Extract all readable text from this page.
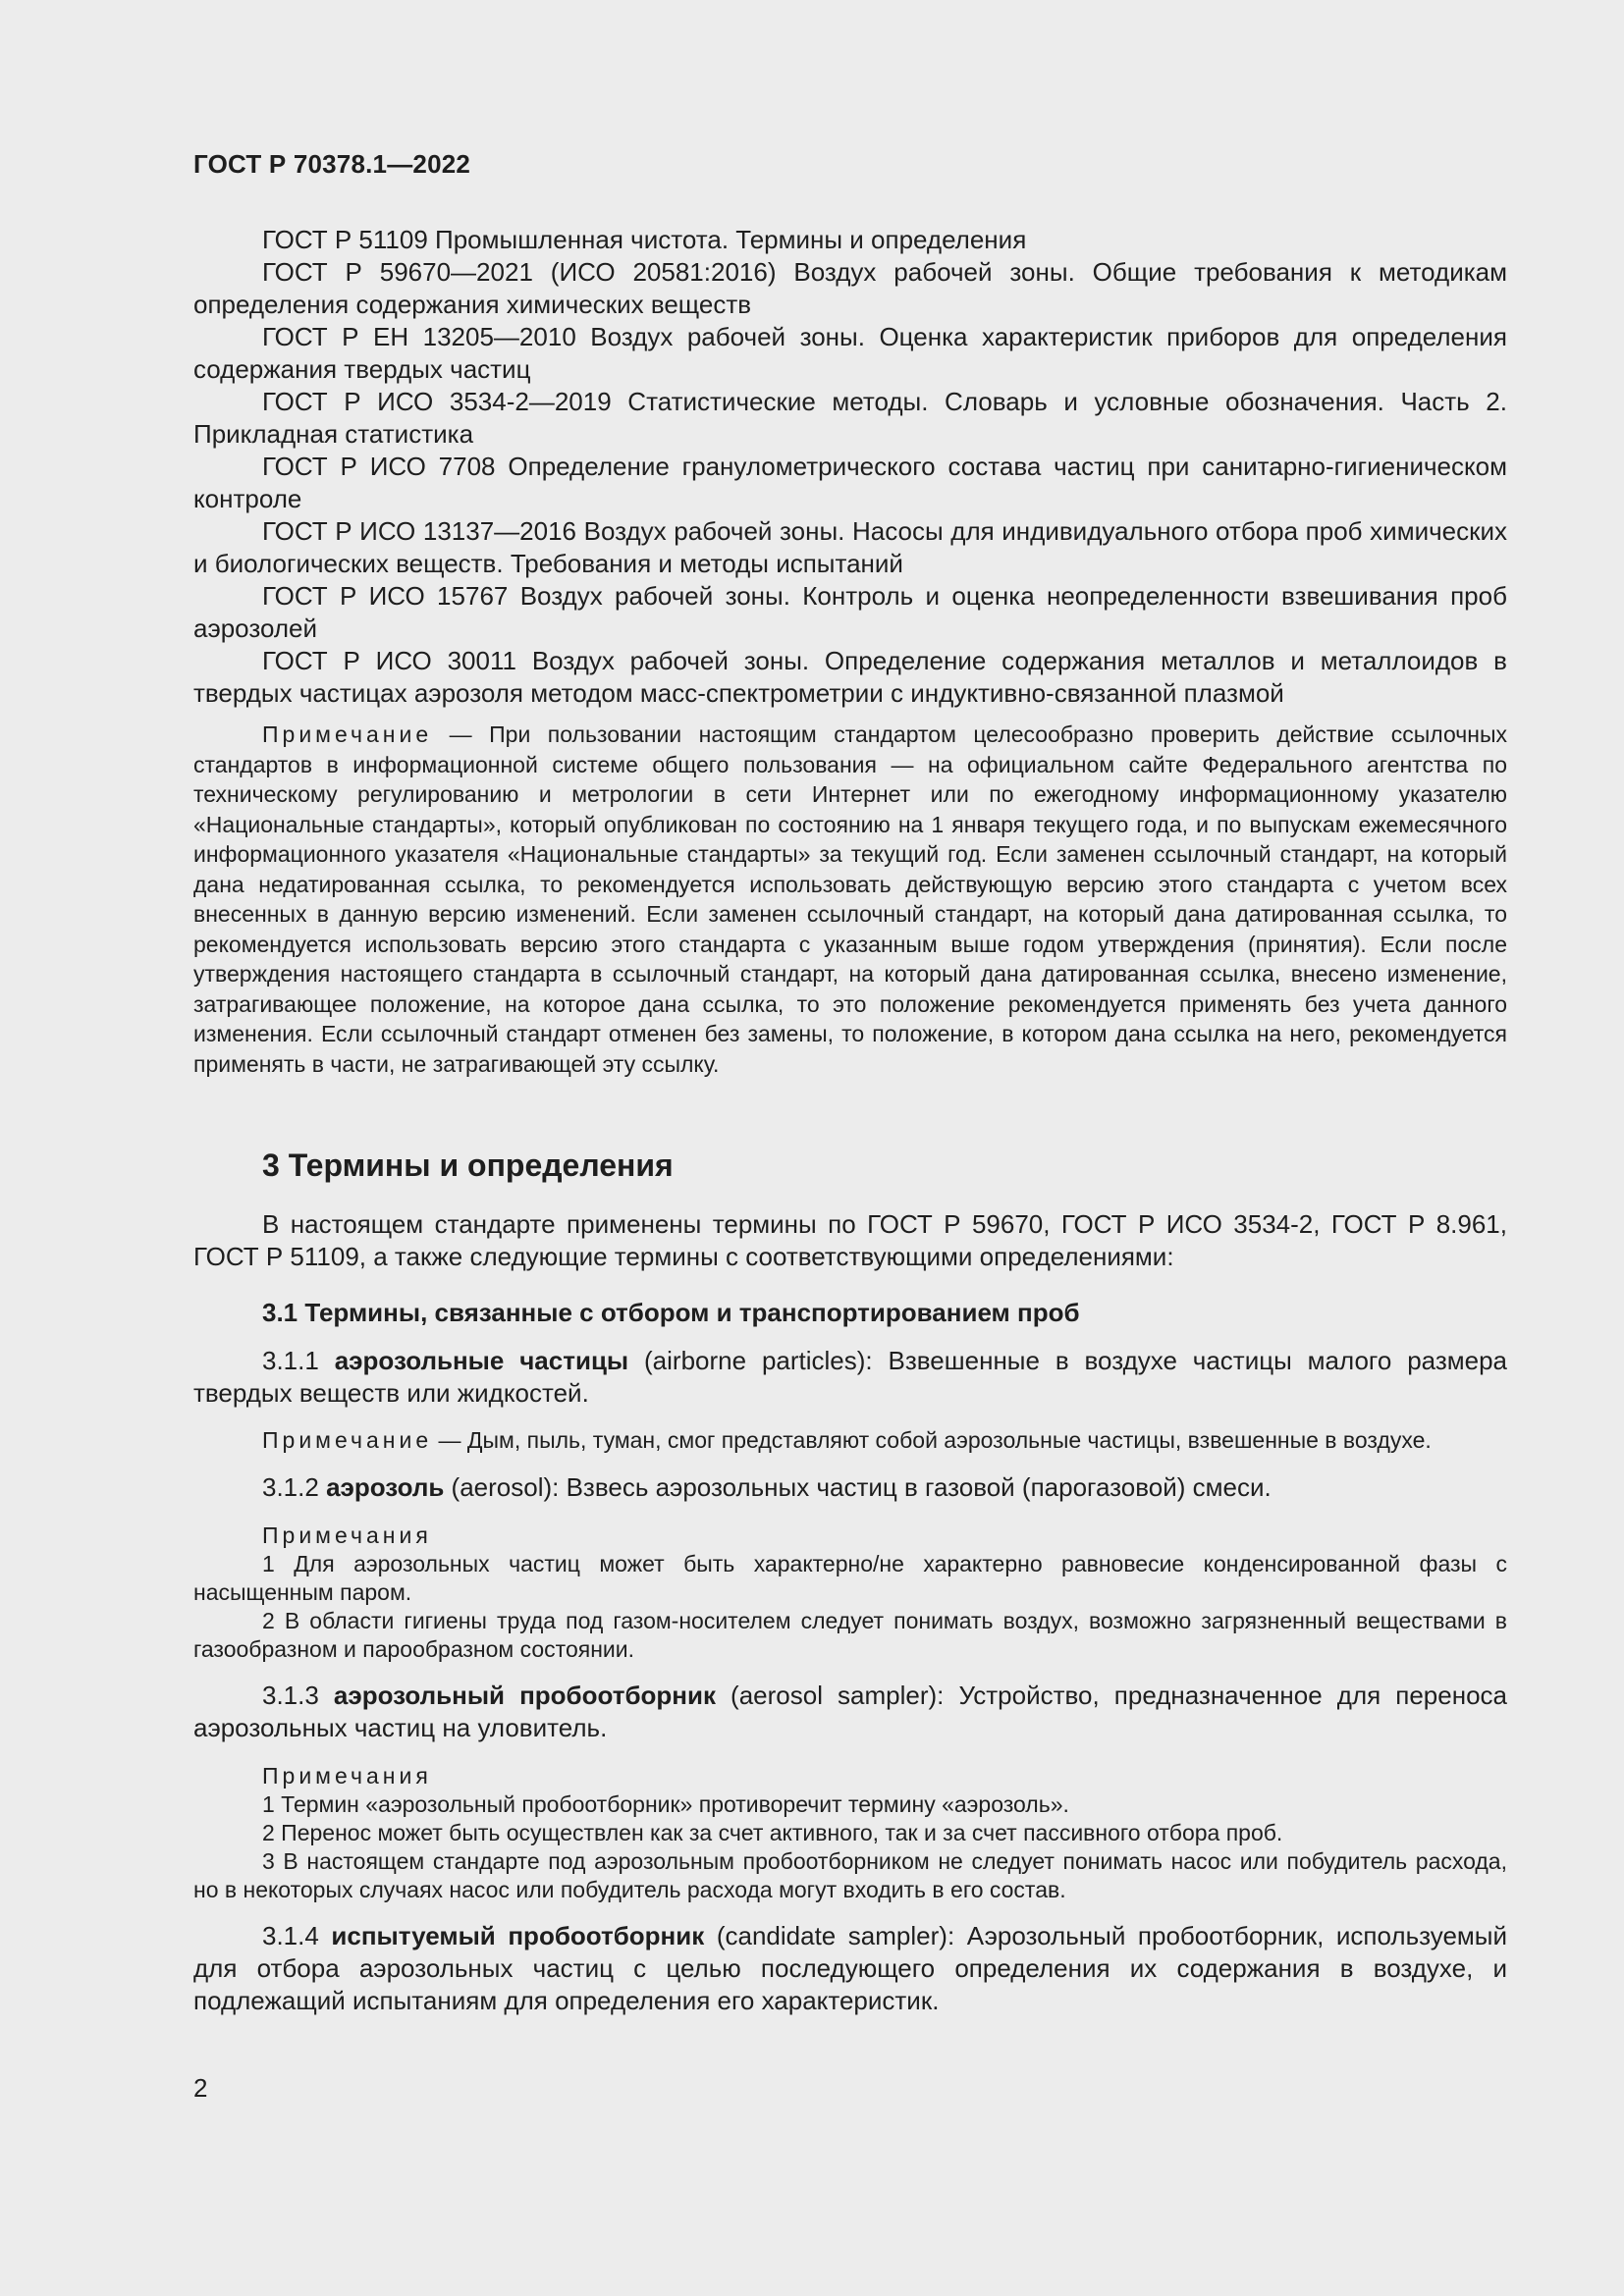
ГОСТ Р 70378.1—2022

ГОСТ Р 51109 Промышленная чистота. Термины и определения

ГОСТ Р 59670—2021 (ИСО 20581:2016) Воздух рабочей зоны. Общие требования к методикам определения содержания химических веществ

ГОСТ Р ЕН 13205—2010 Воздух рабочей зоны. Оценка характеристик приборов для определения содержания твердых частиц

ГОСТ Р ИСО 3534-2—2019 Статистические методы. Словарь и условные обозначения. Часть 2. Прикладная статистика

ГОСТ Р ИСО 7708 Определение гранулометрического состава частиц при санитарно-гигиеническом контроле

ГОСТ Р ИСО 13137—2016 Воздух рабочей зоны. Насосы для индивидуального отбора проб химических и биологических веществ. Требования и методы испытаний

ГОСТ Р ИСО 15767 Воздух рабочей зоны. Контроль и оценка неопределенности взвешивания проб аэрозолей

ГОСТ Р ИСО 30011 Воздух рабочей зоны. Определение содержания металлов и металлоидов в твердых частицах аэрозоля методом масс-спектрометрии с индуктивно-связанной плазмой

Примечание — При пользовании настоящим стандартом целесообразно проверить действие ссылочных стандартов в информационной системе общего пользования — на официальном сайте Федерального агентства по техническому регулированию и метрологии в сети Интернет или по ежегодному информационному указателю «Национальные стандарты», который опубликован по состоянию на 1 января текущего года, и по выпускам ежемесячного информационного указателя «Национальные стандарты» за текущий год. Если заменен ссылочный стандарт, на который дана недатированная ссылка, то рекомендуется использовать действующую версию этого стандарта с учетом всех внесенных в данную версию изменений. Если заменен ссылочный стандарт, на который дана датированная ссылка, то рекомендуется использовать версию этого стандарта с указанным выше годом утверждения (принятия). Если после утверждения настоящего стандарта в ссылочный стандарт, на который дана датированная ссылка, внесено изменение, затрагивающее положение, на которое дана ссылка, то это положение рекомендуется применять без учета данного изменения. Если ссылочный стандарт отменен без замены, то положение, в котором дана ссылка на него, рекомендуется применять в части, не затрагивающей эту ссылку.
3 Термины и определения
В настоящем стандарте применены термины по ГОСТ Р 59670, ГОСТ Р ИСО 3534-2, ГОСТ Р 8.961, ГОСТ Р 51109, а также следующие термины с соответствующими определениями:
3.1 Термины, связанные с отбором и транспортированием проб
3.1.1 аэрозольные частицы (airborne particles): Взвешенные в воздухе частицы малого размера твердых веществ или жидкостей.
Примечание — Дым, пыль, туман, смог представляют собой аэрозольные частицы, взвешенные в воздухе.
3.1.2 аэрозоль (aerosol): Взвесь аэрозольных частиц в газовой (парогазовой) смеси.
Примечания
1 Для аэрозольных частиц может быть характерно/не характерно равновесие конденсированной фазы с насыщенным паром.
2 В области гигиены труда под газом-носителем следует понимать воздух, возможно загрязненный веществами в газообразном и парообразном состоянии.
3.1.3 аэрозольный пробоотборник (aerosol sampler): Устройство, предназначенное для переноса аэрозольных частиц на уловитель.
Примечания
1 Термин «аэрозольный пробоотборник» противоречит термину «аэрозоль».
2 Перенос может быть осуществлен как за счет активного, так и за счет пассивного отбора проб.
3 В настоящем стандарте под аэрозольным пробоотборником не следует понимать насос или побудитель расхода, но в некоторых случаях насос или побудитель расхода могут входить в его состав.
3.1.4 испытуемый пробоотборник (candidate sampler): Аэрозольный пробоотборник, используемый для отбора аэрозольных частиц с целью последующего определения их содержания в воздухе, и подлежащий испытаниям для определения его характеристик.
2
